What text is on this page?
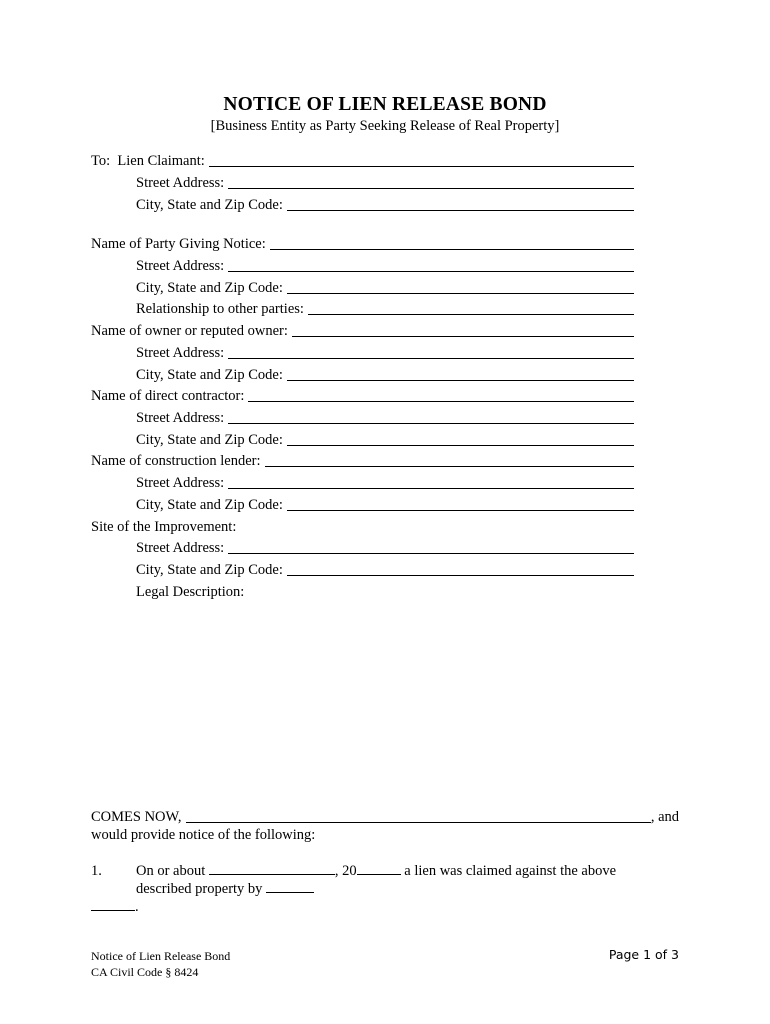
NOTICE OF LIEN RELEASE BOND
[Business Entity as Party Seeking Release of Real Property]
To:  Lien Claimant:
Street Address:
City, State and Zip Code:
Name of Party Giving Notice:
Street Address:
City, State and Zip Code:
Relationship to other parties:
Name of owner or reputed owner:
Street Address:
City, State and Zip Code:
Name of direct contractor:
Street Address:
City, State and Zip Code:
Name of construction lender:
Street Address:
City, State and Zip Code:
Site of the Improvement:
Street Address:
City, State and Zip Code:
Legal Description:
COMES NOW,	, and
would provide notice of the following:
1. On or about	, 20	a lien was claimed against the above
described property by
.
Notice of Lien Release Bond
CA Civil Code § 8424
Page 1 of 3
